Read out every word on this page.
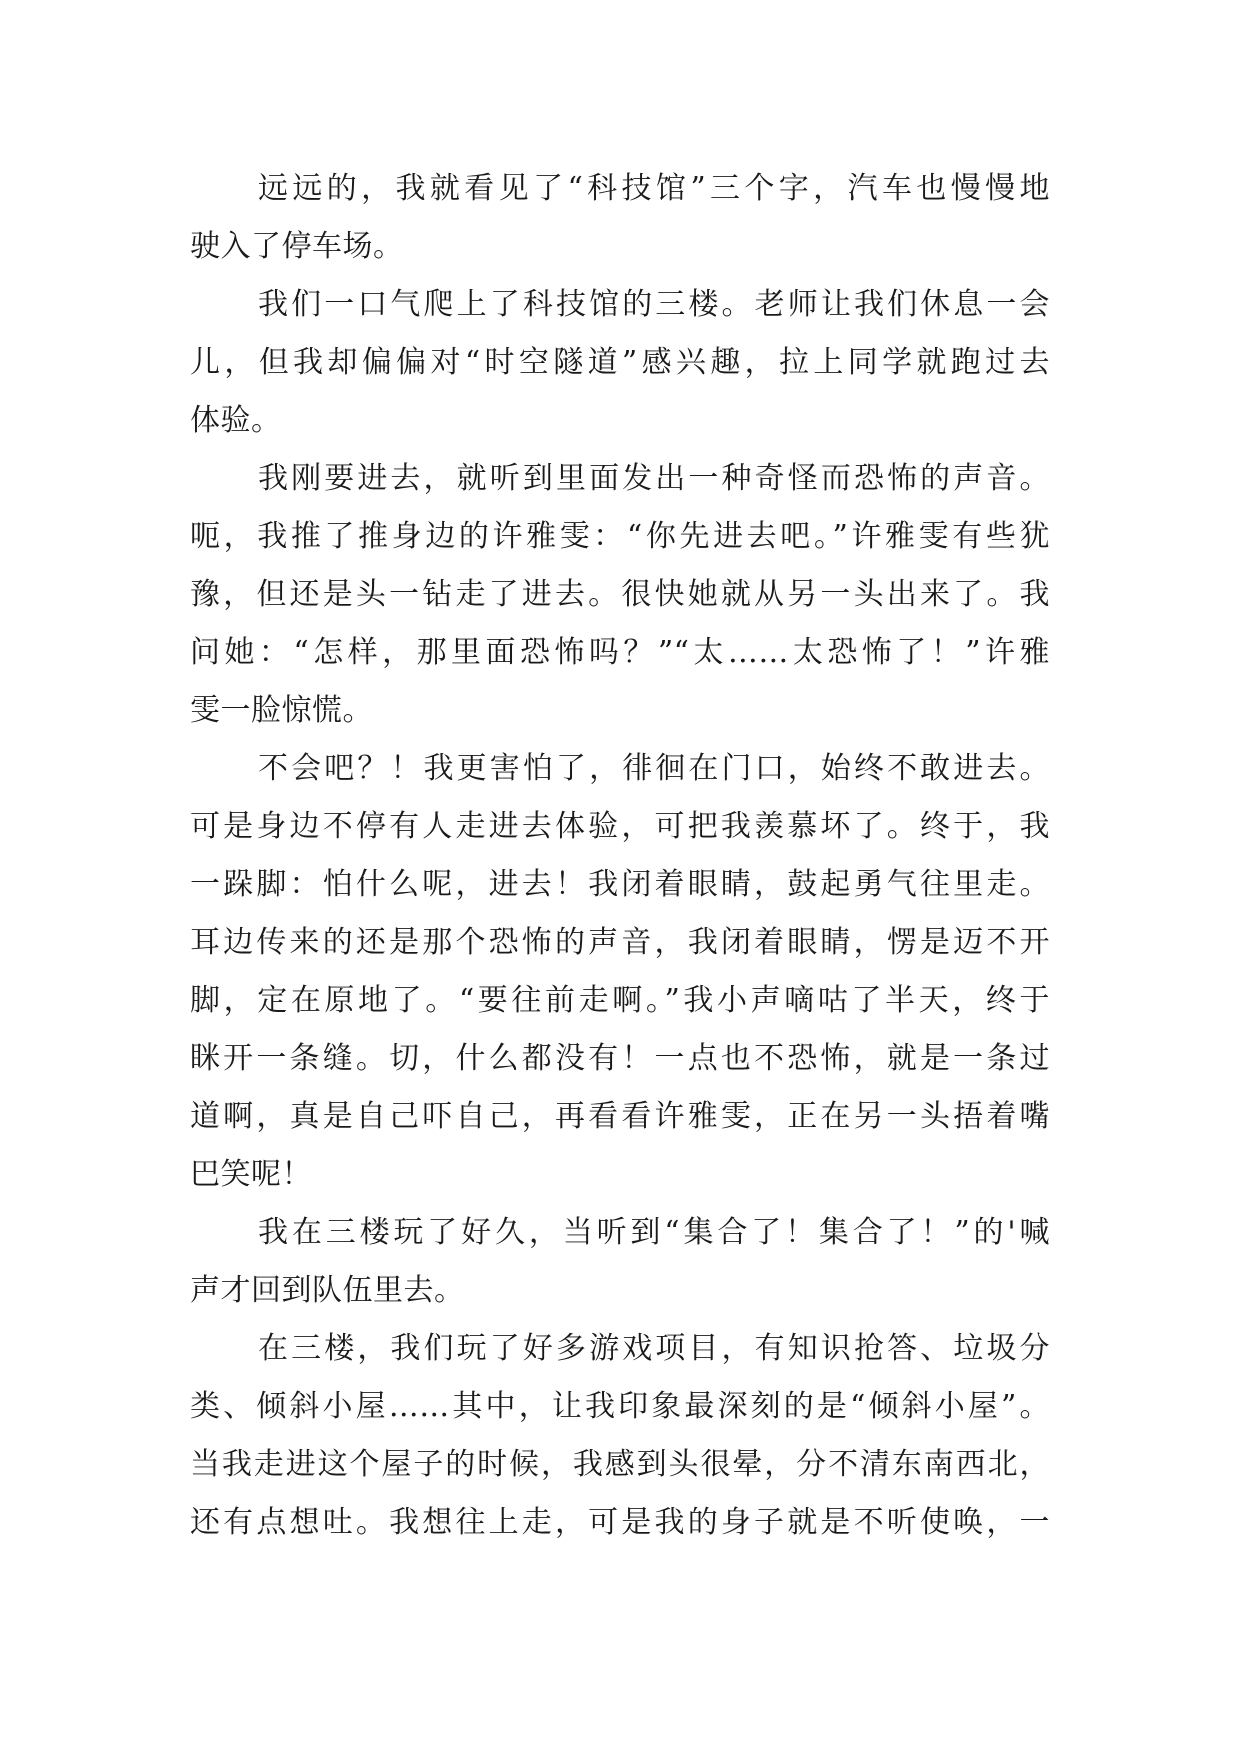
远远的，我就看见了“科技馆”三个字，汽车也慢慢地

驶入了停车场。

我们一口气爬上了科技馆的三楼。老师让我们休息一会

儿，但我却偏偏对“时空隧道”感兴趣，拉上同学就跑过去

体验。

我刚要进去，就听到里面发出一种奇怪而恐怖的声音。

呃，我推了推身边的许雅雯：“你先进去吧。”许雅雯有些犹

豫，但还是头一钻走了进去。很快她就从另一头出来了。我

问她：“怎样，那里面恐怖吗？”“太……太恐怖了！”许雅

雯一脸惊慌。

不会吧？！我更害怕了，徘徊在门口，始终不敢进去。

可是身边不停有人走进去体验，可把我羡慕坏了。终于，我

一跺脚：怕什么呢，进去！我闭着眼睛，鼓起勇气往里走。

耳边传来的还是那个恐怖的声音，我闭着眼睛，愣是迈不开

脚，定在原地了。“要往前走啊。”我小声嘀咕了半天，终于

眯开一条缝。切，什么都没有！一点也不恐怖，就是一条过

道啊，真是自己吓自己，再看看许雅雯，正在另一头捂着嘴

巴笑呢！

我在三楼玩了好久，当听到“集合了！集合了！”的'喊

声才回到队伍里去。

在三楼，我们玩了好多游戏项目，有知识抢答、垃圾分

类、倾斜小屋……其中，让我印象最深刻的是“倾斜小屋”。

当我走进这个屋子的时候，我感到头很晕，分不清东南西北，

还有点想吐。我想往上走，可是我的身子就是不听使唤，一
